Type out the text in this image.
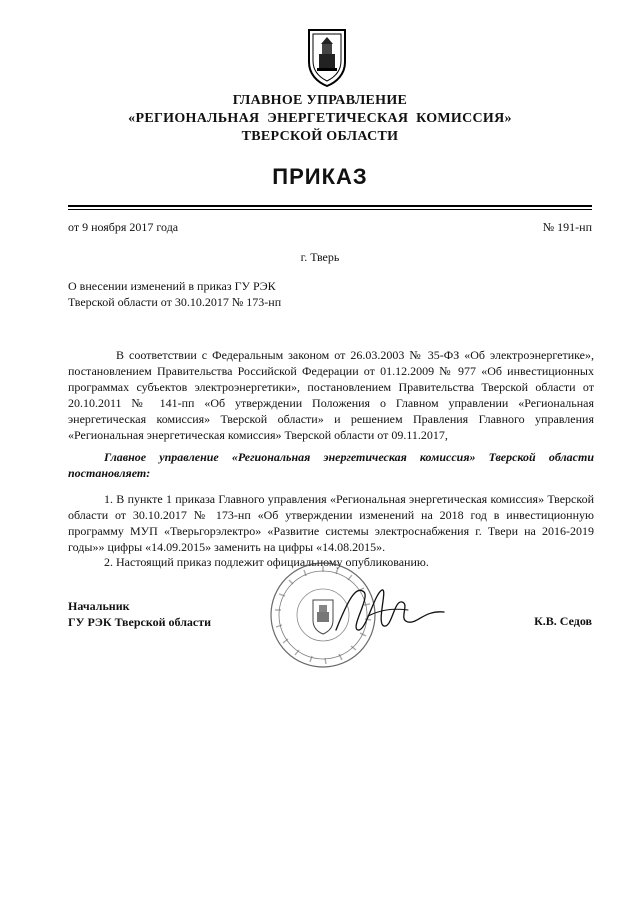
ГЛАВНОЕ УПРАВЛЕНИЕ
«РЕГИОНАЛЬНАЯ ЭНЕРГЕТИЧЕСКАЯ КОМИССИЯ»
ТВЕРСКОЙ ОБЛАСТИ
ПРИКАЗ
от 9 ноября 2017 года	№ 191-нп
г. Тверь
О внесении изменений в приказ ГУ РЭК
Тверской области от 30.10.2017 № 173-нп
В соответствии с Федеральным законом от 26.03.2003 № 35-ФЗ «Об электроэнергетике», постановлением Правительства Российской Федерации от 01.12.2009 № 977 «Об инвестиционных программах субъектов электроэнергетики», постановлением Правительства Тверской области от 20.10.2011 № 141-пп «Об утверждении Положения о Главном управлении «Региональная энергетическая комиссия» Тверской области» и решением Правления Главного управления «Региональная энергетическая комиссия» Тверской области от 09.11.2017,
Главное управление «Региональная энергетическая комиссия» Тверской области постановляет:
1. В пункте 1 приказа Главного управления «Региональная энергетическая комиссия» Тверской области от 30.10.2017 № 173-нп «Об утверждении изменений на 2018 год в инвестиционную программу МУП «Тверьгорэлектро» «Развитие системы электроснабжения г. Твери на 2016-2019 годы»» цифры «14.09.2015» заменить на цифры «14.08.2015».
2. Настоящий приказ подлежит официальному опубликованию.
Начальник
ГУ РЭК Тверской области	К.В. Седов
